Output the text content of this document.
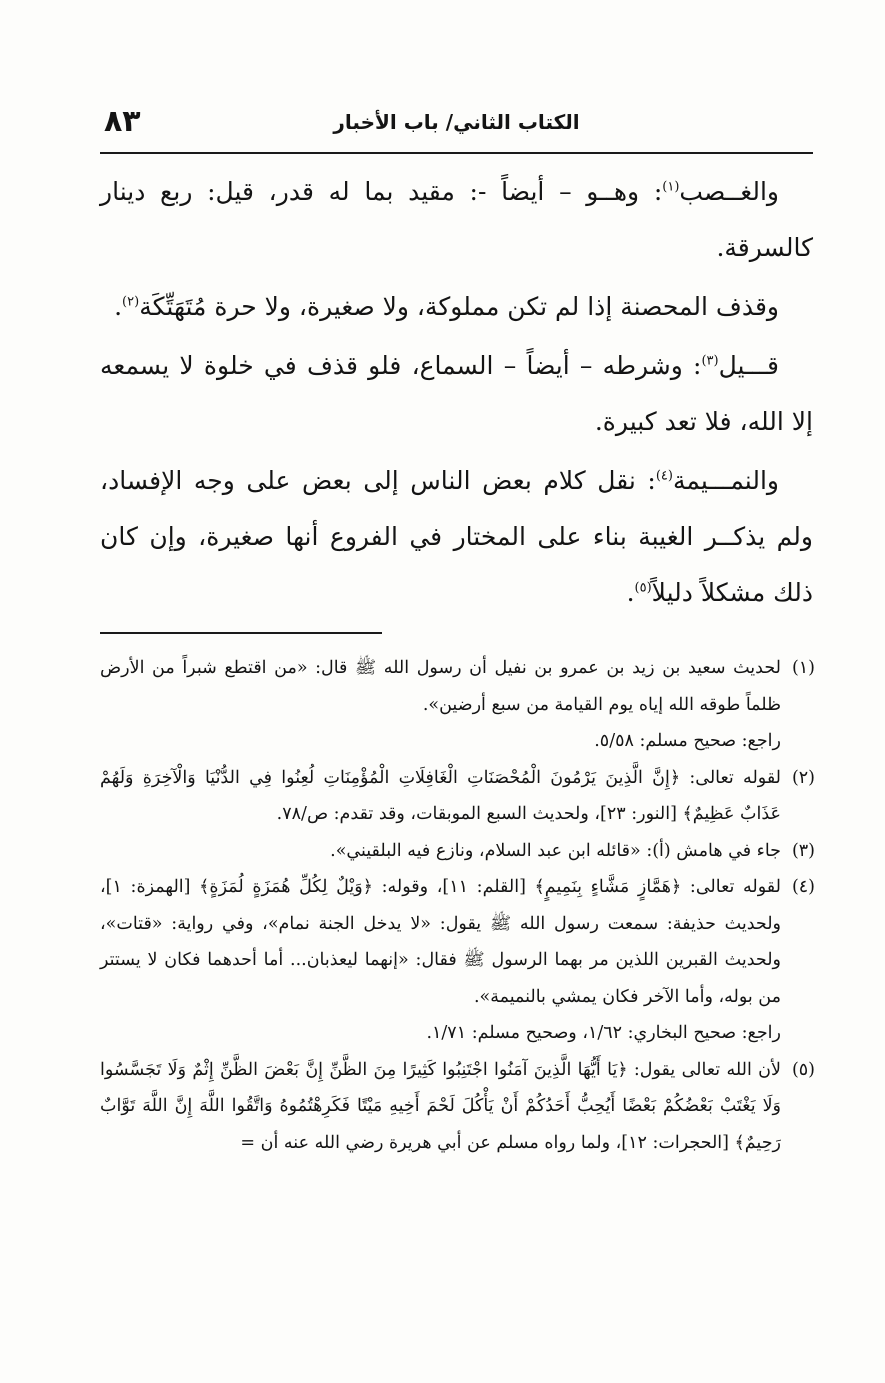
الكتاب الثاني/ باب الأخبار
٨٣

والغــصب$^{(١)}$: وهــو – أيضاً -: مقيد بما له قدر، قيل: ربع دينار كالسرقة.

وقذف المحصنة إذا لم تكن مملوكة، ولا صغيرة، ولا حرة مُتَهَتِّكَة$^{(٢)}$.

قـــيل$^{(٣)}$: وشرطه – أيضاً – السماع، فلو قذف في خلوة لا يسمعه إلا الله، فلا تعد كبيرة.

والنمـــيمة$^{(٤)}$: نقل كلام بعض الناس إلى بعض على وجه الإفساد، ولم يذكــر الغيبة بناء على المختار في الفروع أنها صغيرة، وإن كان ذلك مشكلاً دليلاً$^{(٥)}$.

(١)
لحديث سعيد بن زيد بن عمرو بن نفيل أن رسول الله ﷺ قال: «من اقتطع شبراً من الأرض ظلماً طوقه الله إياه يوم القيامة من سبع أرضين».
راجع: صحيح مسلم: ٥/٥٨.
(٢)
لقوله تعالى: ﴿إِنَّ الَّذِينَ يَرْمُونَ الْمُحْصَنَاتِ الْغَافِلَاتِ الْمُؤْمِنَاتِ لُعِنُوا فِي الدُّنْيَا وَالْآخِرَةِ وَلَهُمْ عَذَابٌ عَظِيمٌ﴾ [النور: ٢٣]، ولحديث السبع الموبقات، وقد تقدم: ص/٧٨.
(٣)
جاء في هامش (أ): «قائله ابن عبد السلام، ونازع فيه البلقيني».
(٤)
لقوله تعالى: ﴿هَمَّازٍ مَشَّاءٍ بِنَمِيمٍ﴾ [القلم: ١١]، وقوله: ﴿وَيْلٌ لِكُلِّ هُمَزَةٍ لُمَزَةٍ﴾ [الهمزة: ١]، ولحديث حذيفة: سمعت رسول الله ﷺ يقول: «لا يدخل الجنة نمام»، وفي رواية: «قتات»، ولحديث القبرين اللذين مر بهما الرسول ﷺ فقال: «إنهما ليعذبان... أما أحدهما فكان لا يستتر من بوله، وأما الآخر فكان يمشي بالنميمة».
راجع: صحيح البخاري: ١/٦٢، وصحيح مسلم: ١/٧١.
(٥)
لأن الله تعالى يقول: ﴿يَا أَيُّهَا الَّذِينَ آمَنُوا اجْتَنِبُوا كَثِيرًا مِنَ الظَّنِّ إِنَّ بَعْضَ الظَّنِّ إِثْمٌ وَلَا تَجَسَّسُوا وَلَا يَغْتَبْ بَعْضُكُمْ بَعْضًا أَيُحِبُّ أَحَدُكُمْ أَنْ يَأْكُلَ لَحْمَ أَخِيهِ مَيْتًا فَكَرِهْتُمُوهُ وَاتَّقُوا اللَّهَ إِنَّ اللَّهَ تَوَّابٌ رَحِيمٌ﴾ [الحجرات: ١٢]، ولما رواه مسلم عن أبي هريرة رضي الله عنه أن =
